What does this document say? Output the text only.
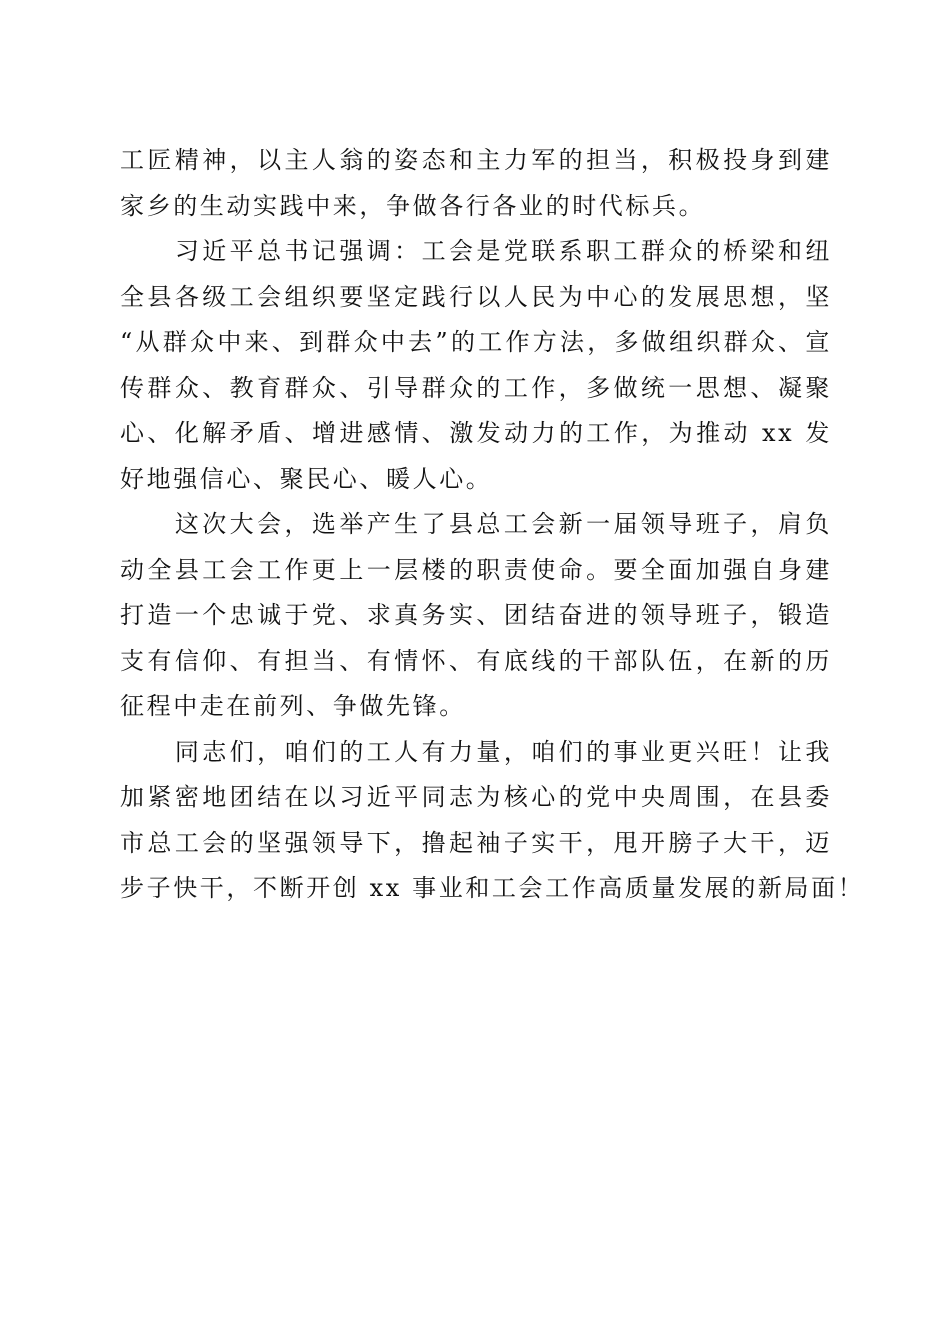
工匠精神，以主人翁的姿态和主力军的担当，积极投身到建
家乡的生动实践中来，争做各行各业的时代标兵。
　　习近平总书记强调：工会是党联系职工群众的桥梁和纽
全县各级工会组织要坚定践行以人民为中心的发展思想，坚
“从群众中来、到群众中去”的工作方法，多做组织群众、宣
传群众、教育群众、引导群众的工作，多做统一思想、凝聚
心、化解矛盾、增进感情、激发动力的工作，为推动 xx 发
好地强信心、聚民心、暖人心。
　　这次大会，选举产生了县总工会新一届领导班子，肩负
动全县工会工作更上一层楼的职责使命。要全面加强自身建
打造一个忠诚于党、求真务实、团结奋进的领导班子，锻造
支有信仰、有担当、有情怀、有底线的干部队伍，在新的历
征程中走在前列、争做先锋。
　　同志们，咱们的工人有力量，咱们的事业更兴旺！让我
加紧密地团结在以习近平同志为核心的党中央周围，在县委
市总工会的坚强领导下，撸起袖子实干，甩开膀子大干，迈
步子快干，不断开创 xx 事业和工会工作高质量发展的新局面！
